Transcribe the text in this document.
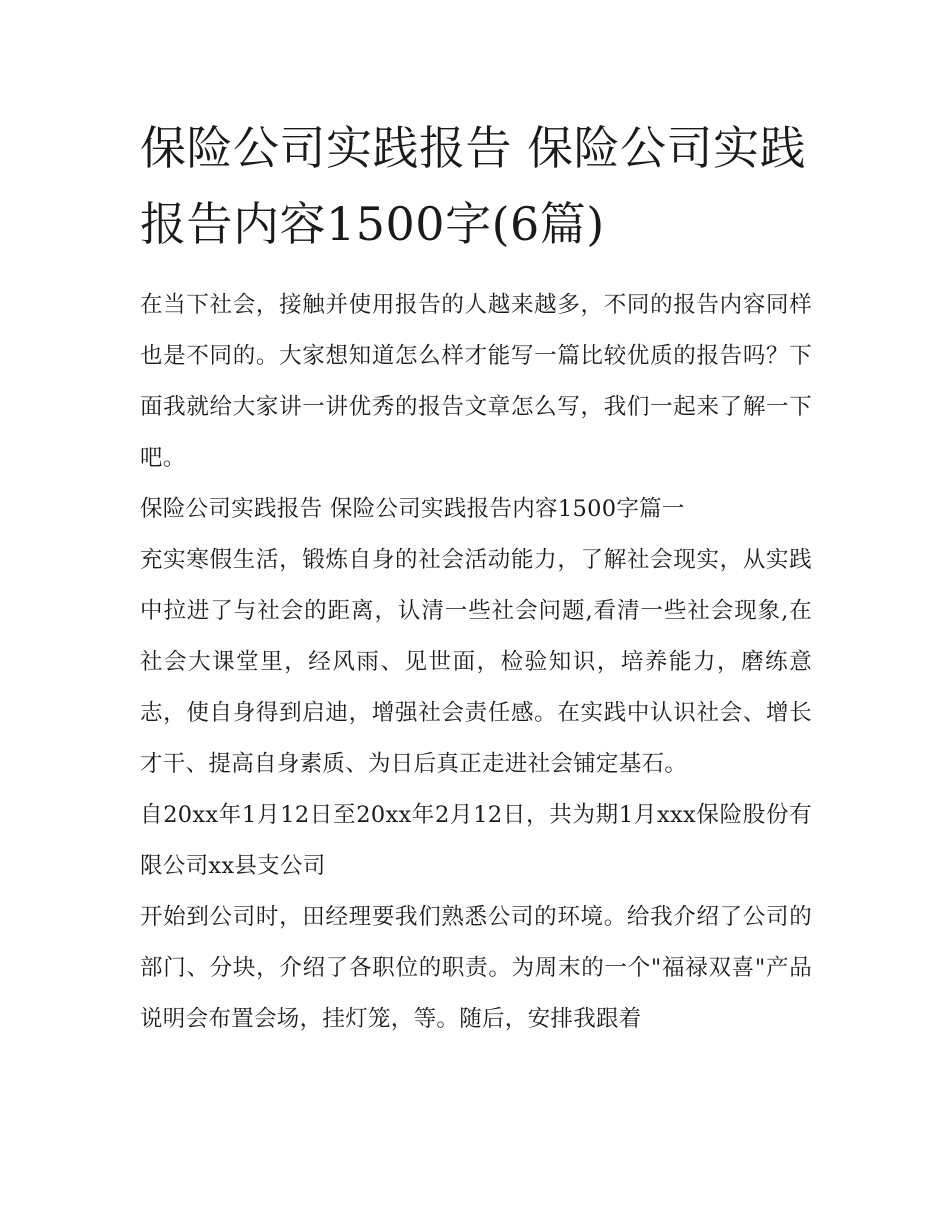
保险公司实践报告 保险公司实践报告内容1500字(6篇)

在当下社会，接触并使用报告的人越来越多，不同的报告内容同样也是不同的。大家想知道怎么样才能写一篇比较优质的报告吗？下面我就给大家讲一讲优秀的报告文章怎么写，我们一起来了解一下吧。

保险公司实践报告 保险公司实践报告内容1500字篇一

充实寒假生活，锻炼自身的社会活动能力，了解社会现实，从实践中拉进了与社会的距离，认清一些社会问题,看清一些社会现象,在社会大课堂里，经风雨、见世面，检验知识，培养能力，磨练意志，使自身得到启迪，增强社会责任感。在实践中认识社会、增长才干、提高自身素质、为日后真正走进社会铺定基石。

自20xx年1月12日至20xx年2月12日，共为期1月xxx保险股份有限公司xx县支公司

开始到公司时，田经理要我们熟悉公司的环境。给我介绍了公司的部门、分块，介绍了各职位的职责。为周末的一个"福禄双喜"产品说明会布置会场，挂灯笼，等。随后，安排我跟着
